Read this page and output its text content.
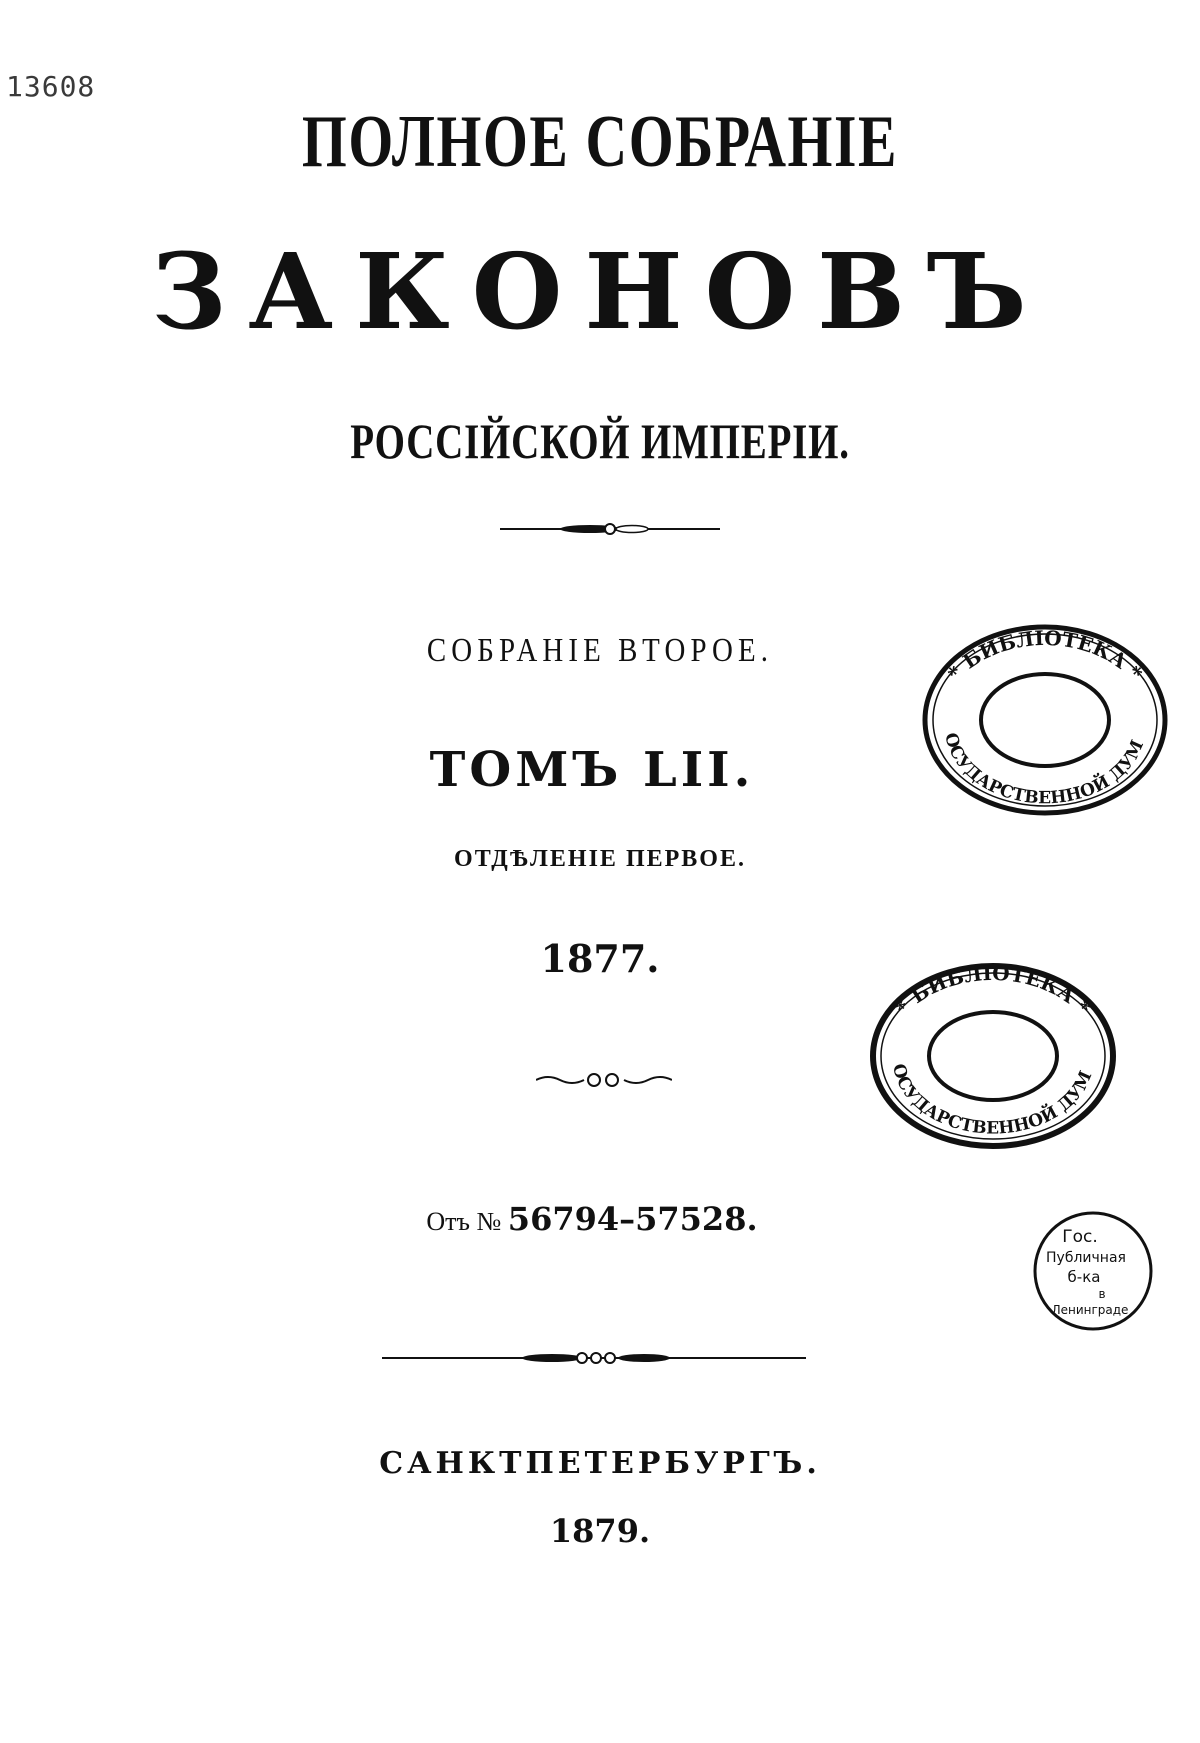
13608
ПОЛНОЕ СОБРАНІЕ
ЗАКОНОВЪ
РОССІЙСКОЙ ИМПЕРІИ.
СОБРАНІЕ ВТОРОЕ.
ТОМЪ LII.
ОТДѢЛЕНІЕ ПЕРВОЕ.
1877.
Отъ № 56794–57528.
САНКТПЕТЕРБУРГЪ.
1879.
* БИБЛІОТЕКА *
ОСУДАРСТВЕННОЙ ДУМ
* БИБЛІОТЕКА *
ОСУДАРСТВЕННОЙ ДУМ
Гос.
Публичная
б-ка
в
Ленинграде
